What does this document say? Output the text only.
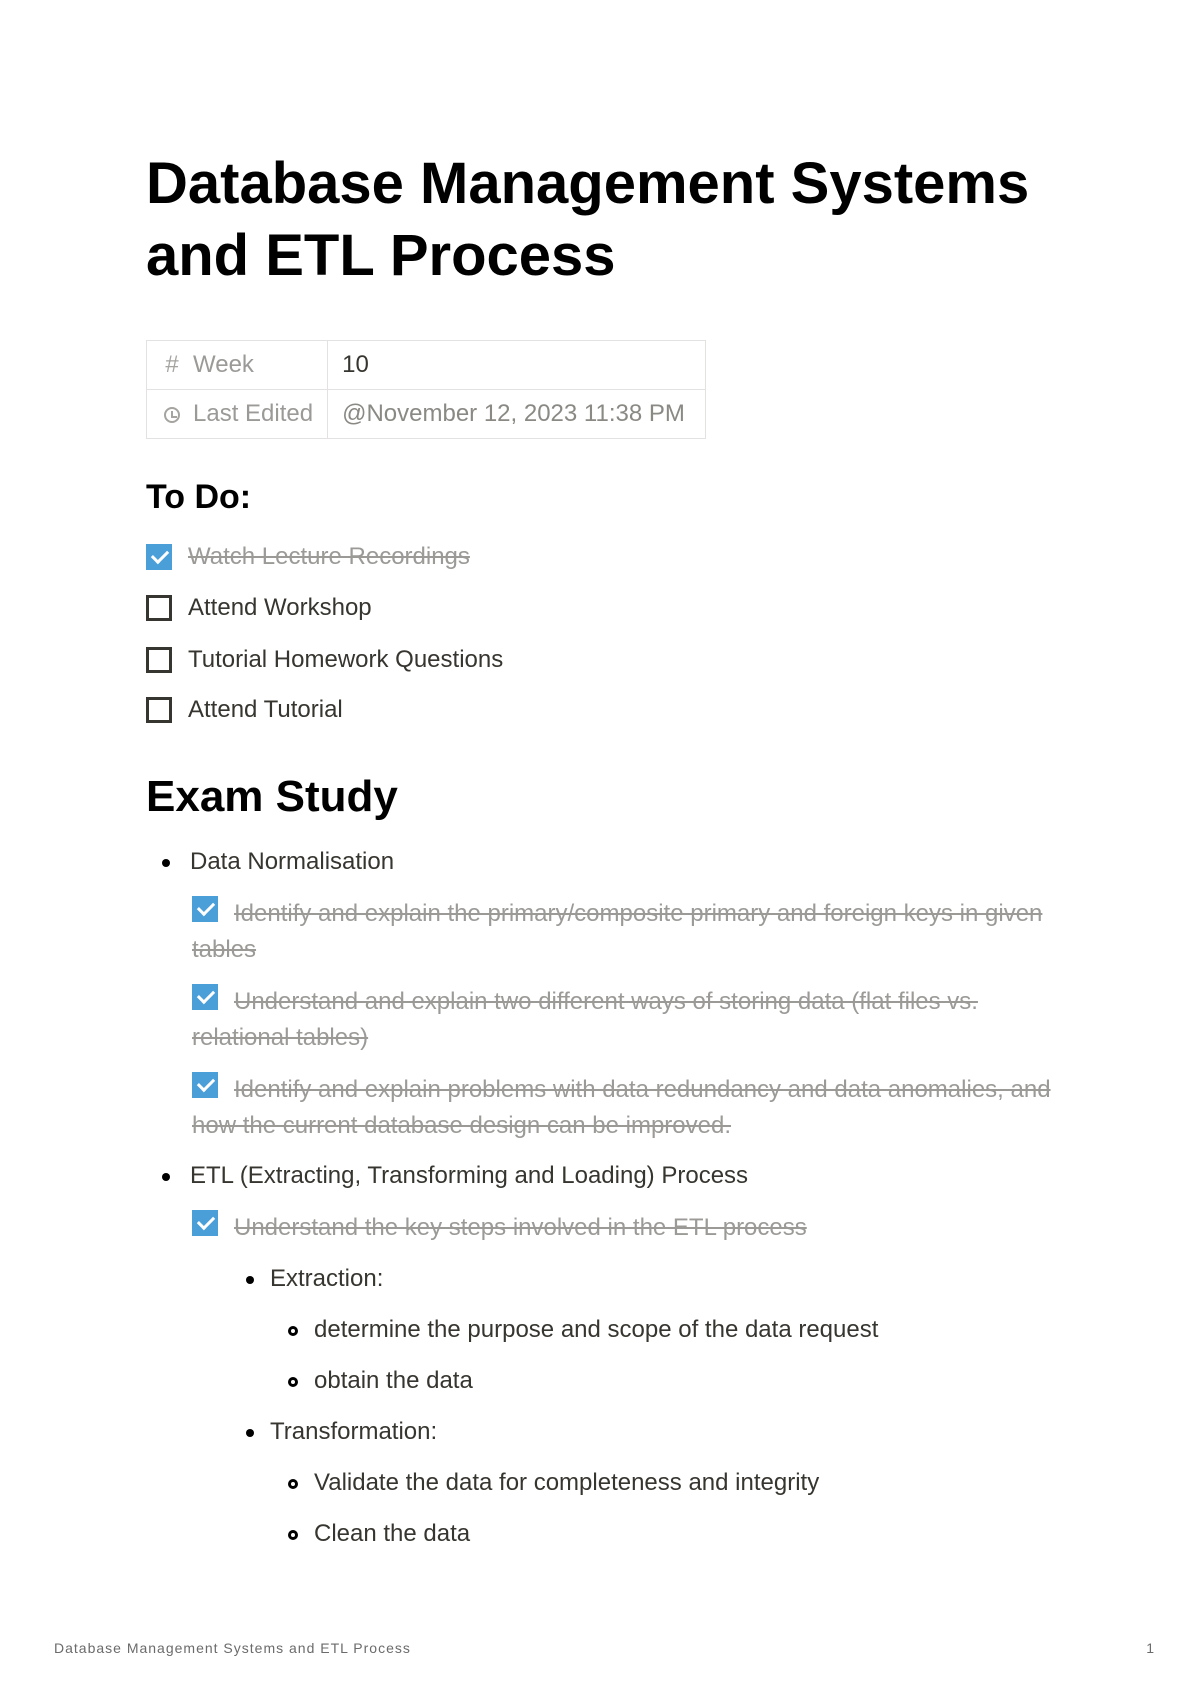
Database Management Systems and ETL Process
# Week	10
Last Edited	@November 12, 2023 11:38 PM
To Do:
Watch Lecture Recordings
Attend Workshop
Tutorial Homework Questions
Attend Tutorial
Exam Study
Data Normalisation
Identify and explain the primary/composite primary and foreign keys in given tables
Understand and explain two different ways of storing data (flat files vs. relational tables)
Identify and explain problems with data redundancy and data anomalies, and how the current database design can be improved.
ETL (Extracting, Transforming and Loading) Process
Understand the key steps involved in the ETL process
Extraction:
determine the purpose and scope of the data request
obtain the data
Transformation:
Validate the data for completeness and integrity
Clean the data
Database Management Systems and ETL Process	1
